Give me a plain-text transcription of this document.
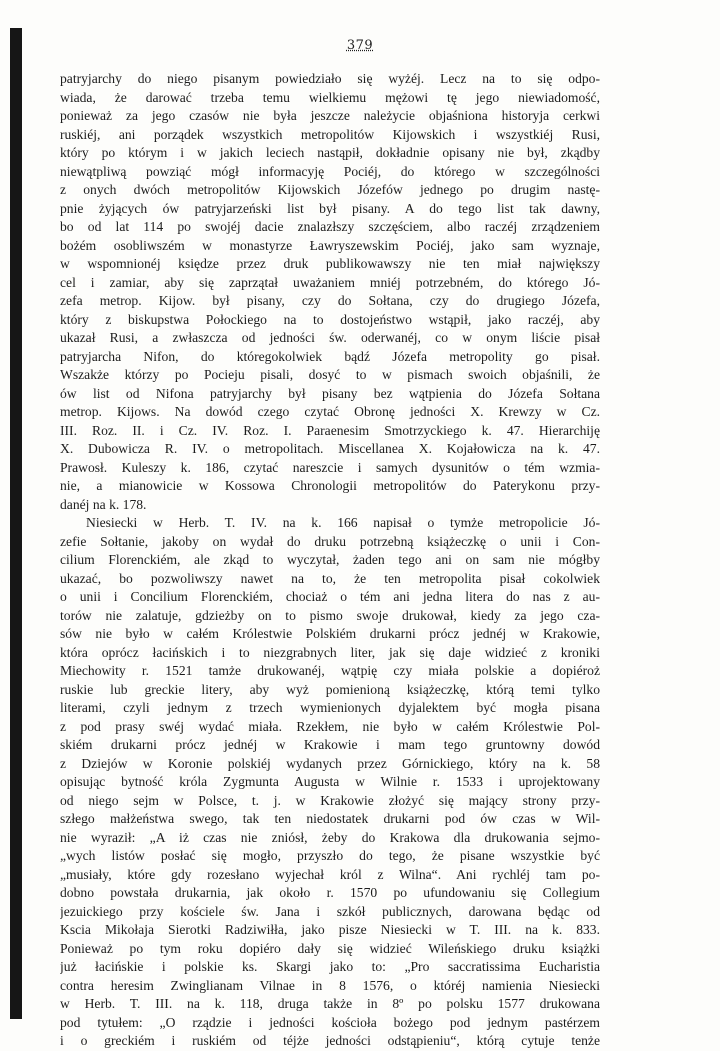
379
patryjarchy do niego pisanym powiedziało się wyżéj. Lecz na to się odpo-
wiada, że darować trzeba temu wielkiemu mężowi tę jego niewiadomość,
ponieważ za jego czasów nie była jeszcze należycie objaśniona historyja cerkwi
ruskiéj, ani porządek wszystkich metropolitów Kijowskich i wszystkiéj Rusi,
który po którym i w jakich leciech nastąpił, dokładnie opisany nie był, zkądby
niewątpliwą powziąć mógł informacyję Pociéj, do którego w szczególności
z onych dwóch metropolitów Kijowskich Józefów jednego po drugim nastę-
pnie żyjących ów patryjarzeński list był pisany. A do tego list tak dawny,
bo od lat 114 po swojéj dacie znalazłszy szczęściem, albo raczéj zrządzeniem
bożém osobliwszém w monastyrze Ławryszewskim Pociéj, jako sam wyznaje,
w wspomnionéj księdze przez druk publikowawszy nie ten miał największy
cel i zamiar, aby się zaprzątał uważaniem mniéj potrzebném, do którego Jó-
zefa metrop. Kijow. był pisany, czy do Sołtana, czy do drugiego Józefa,
który z biskupstwa Połockiego na to dostojeństwo wstąpił, jako raczéj, aby
ukazał Rusi, a zwłaszcza od jedności św. oderwanéj, co w onym liście pisał
patryjarcha Nifon, do któregokolwiek bądź Józefa metropolity go pisał.
Wszakże którzy po Pocieju pisali, dosyć to w pismach swoich objaśnili, że
ów list od Nifona patryjarchy był pisany bez wątpienia do Józefa Sołtana
metrop. Kijows. Na dowód czego czytać Obronę jedności X. Krewzy w Cz.
III. Roz. II. i Cz. IV. Roz. I. Paraenesim Smotrzyckiego k. 47. Hierarchiję
X. Dubowicza R. IV. o metropolitach. Miscellanea X. Kojałowicza na k. 47.
Prawosł. Kuleszy k. 186, czytać nareszcie i samych dysunitów o tém wzmia-
nie, a mianowicie w Kossowa Chronologii metropolitów do Paterykonu przy-
danéj na k. 178.
Niesiecki w Herb. T. IV. na k. 166 napisał o tymże metropolicie Jó-
zefie Sołtanie, jakoby on wydał do druku potrzebną książeczkę o unii i Con-
cilium Florenckiém, ale zkąd to wyczytał, żaden tego ani on sam nie mógłby
ukazać, bo pozwoliwszy nawet na to, że ten metropolita pisał cokolwiek
o unii i Concilium Florenckiém, chociaż o tém ani jedna litera do nas z au-
torów nie zalatuje, gdzieżby on to pismo swoje drukował, kiedy za jego cza-
sów nie było w całém Królestwie Polskiém drukarni prócz jednéj w Krakowie,
która oprócz łacińskich i to niezgrabnych liter, jak się daje widzieć z kroniki
Miechowity r. 1521 tamże drukowanéj, wątpię czy miała polskie a dopiéroż
ruskie lub greckie litery, aby wyż pomienioną książeczkę, którą temi tylko
literami, czyli jednym z trzech wymienionych dyjalektem być mogła pisana
z pod prasy swéj wydać miała. Rzekłem, nie było w całém Królestwie Pol-
skiém drukarni prócz jednéj w Krakowie i mam tego gruntowny dowód
z Dziejów w Koronie polskiéj wydanych przez Górnickiego, który na k. 58
opisując bytność króla Zygmunta Augusta w Wilnie r. 1533 i uprojektowany
od niego sejm w Polsce, t. j. w Krakowie złożyć się mający strony przy-
szłego małżeństwa swego, tak ten niedostatek drukarni pod ów czas w Wil-
nie wyraził: „A iż czas nie zniósł, żeby do Krakowa dla drukowania sejmo-
„wych listów posłać się mogło, przyszło do tego, że pisane wszystkie być
„musiały, które gdy rozesłano wyjechał król z Wilna“. Ani rychléj tam po-
dobno powstała drukarnia, jak około r. 1570 po ufundowaniu się Collegium
jezuickiego przy kościele św. Jana i szkół publicznych, darowana będąc od
Kscia Mikołaja Sierotki Radziwiłła, jako pisze Niesiecki w T. III. na k. 833.
Ponieważ po tym roku dopiéro dały się widzieć Wileńskiego druku książki
już łacińskie i polskie ks. Skargi jako to: „Pro saccratissima Eucharistia
contra heresim Zwinglianam Vilnae in 8 1576, o któréj namienia Niesiecki
w Herb. T. III. na k. 118, druga także in 8º po polsku 1577 drukowana
pod tytułem: „O rządzie i jedności kościoła bożego pod jednym pastérzem
i o greckiém i ruskiém od téjże jedności odstąpieniu“, którą cytuje tenże
